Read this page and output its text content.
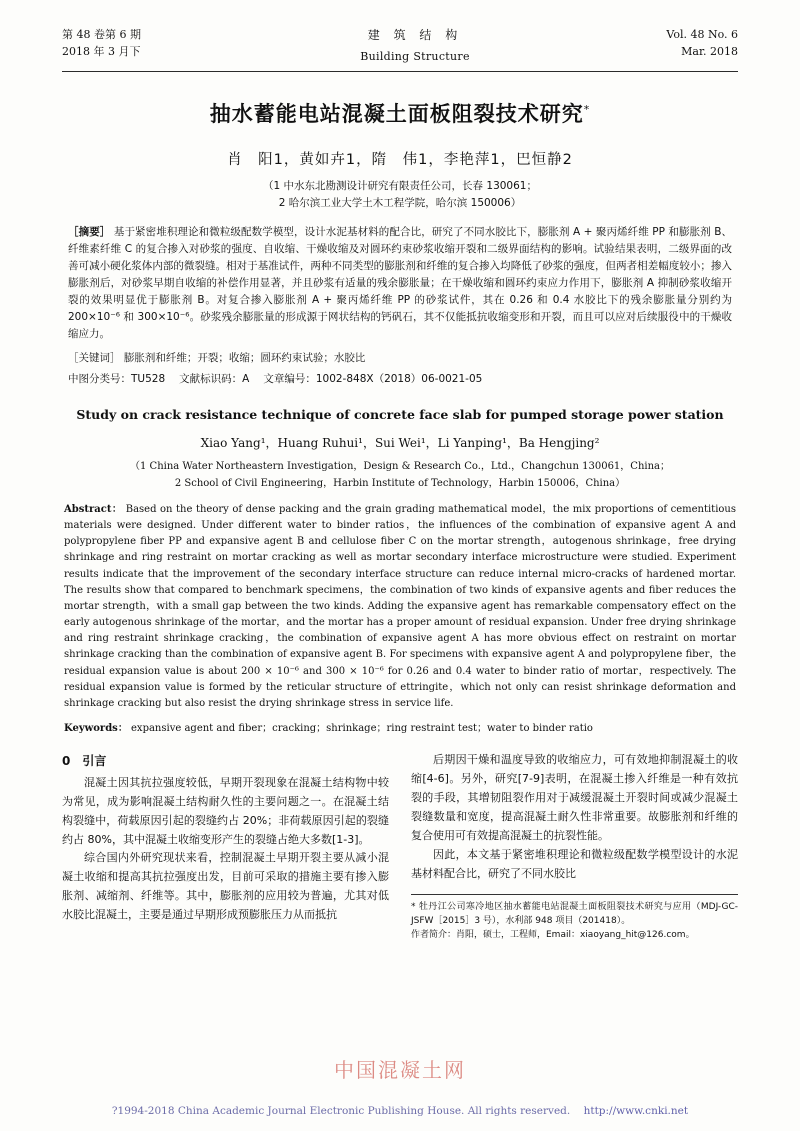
第 48 卷第 6 期
2018 年 3 月下
建 筑 结 构
Building Structure
Vol. 48 No. 6
Mar. 2018
抽水蓄能电站混凝土面板阻裂技术研究*
肖　阳1，黄如卉1，隋　伟1，李艳萍1，巴恒静2
（1 中水东北勘测设计研究有限责任公司，长春 130061；
2 哈尔滨工业大学土木工程学院，哈尔滨 150006）
［摘要］ 基于紧密堆积理论和微粒级配数学模型，设计水泥基材料的配合比，研究了不同水胶比下，膨胀剂 A + 聚丙烯纤维 PP 和膨胀剂 B、纤维素纤维 C 的复合掺入对砂浆的强度、自收缩、干燥收缩及对圆环约束砂浆收缩开裂和二级界面结构的影响。试验结果表明，二级界面的改善可减小硬化浆体内部的微裂缝。相对于基准试件，两种不同类型的膨胀剂和纤维的复合掺入均降低了砂浆的强度，但两者相差幅度较小；掺入膨胀剂后，对砂浆早期自收缩的补偿作用显著，并且砂浆有适量的残余膨胀量；在干燥收缩和圆环约束应力作用下，膨胀剂 A 抑制砂浆收缩开裂的效果明显优于膨胀剂 B。对复合掺入膨胀剂 A + 聚丙烯纤维 PP 的砂浆试件，其在 0.26 和 0.4 水胶比下的残余膨胀量分别约为 200×10⁻⁶ 和 300×10⁻⁶。砂浆残余膨胀量的形成源于网状结构的钙矾石，其不仅能抵抗收缩变形和开裂，而且可以应对后续服役中的干燥收缩应力。
［关键词］ 膨胀剂和纤维；开裂；收缩；圆环约束试验；水胶比
中图分类号：TU528 文献标识码：A 文章编号：1002-848X（2018）06-0021-05
Study on crack resistance technique of concrete face slab for pumped storage power station
Xiao Yang¹，Huang Ruhui¹，Sui Wei¹，Li Yanping¹，Ba Hengjing²
（1 China Water Northeastern Investigation，Design & Research Co.，Ltd.，Changchun 130061，China；
2 School of Civil Engineering，Harbin Institute of Technology，Harbin 150006，China）
Abstract： Based on the theory of dense packing and the grain grading mathematical model，the mix proportions of cementitious materials were designed. Under different water to binder ratios，the influences of the combination of expansive agent A and polypropylene fiber PP and expansive agent B and cellulose fiber C on the mortar strength，autogenous shrinkage，free drying shrinkage and ring restraint on mortar cracking as well as mortar secondary interface microstructure were studied. Experiment results indicate that the improvement of the secondary interface structure can reduce internal micro-cracks of hardened mortar. The results show that compared to benchmark specimens，the combination of two kinds of expansive agents and fiber reduces the mortar strength，with a small gap between the two kinds. Adding the expansive agent has remarkable compensatory effect on the early autogenous shrinkage of the mortar，and the mortar has a proper amount of residual expansion. Under free drying shrinkage and ring restraint shrinkage cracking，the combination of expansive agent A has more obvious effect on restraint on mortar shrinkage cracking than the combination of expansive agent B. For specimens with expansive agent A and polypropylene fiber，the residual expansion value is about 200 × 10⁻⁶ and 300 × 10⁻⁶ for 0.26 and 0.4 water to binder ratio of mortar，respectively. The residual expansion value is formed by the reticular structure of ettringite，which not only can resist shrinkage deformation and shrinkage cracking but also resist the drying shrinkage stress in service life.
Keywords： expansive agent and fiber；cracking；shrinkage；ring restraint test；water to binder ratio
0 引言

混凝土因其抗拉强度较低，早期开裂现象在混凝土结构物中较为常见，成为影响混凝土结构耐久性的主要问题之一。在混凝土结构裂缝中，荷载原因引起的裂缝约占 20%；非荷载原因引起的裂缝约占 80%，其中混凝土收缩变形产生的裂缝占绝大多数[1-3]。

综合国内外研究现状来看，控制混凝土早期开裂主要从减小混凝土收缩和提高其抗拉强度出发，目前可采取的措施主要有掺入膨胀剂、减缩剂、纤维等。其中，膨胀剂的应用较为普遍，尤其对低水胶比混凝土，主要是通过早期形成预膨胀压力从而抵抗

后期因干燥和温度导致的收缩应力，可有效地抑制混凝土的收缩[4-6]。另外，研究[7-9]表明，在混凝土掺入纤维是一种有效抗裂的手段，其增韧阻裂作用对于减缓混凝土开裂时间或减少混凝土裂缝数量和宽度，提高混凝土耐久性非常重要。故膨胀剂和纤维的复合使用可有效提高混凝土的抗裂性能。

因此，本文基于紧密堆积理论和微粒级配数学模型设计的水泥基材料配合比，研究了不同水胶比

* 牡丹江公司寒冷地区抽水蓄能电站混凝土面板阻裂技术研究与应用（MDJ-GC-JSFW［2015］3 号），水利部 948 项目（201418）。
作者简介：肖阳，硕士，工程师，Email：xiaoyang_hit@126.com。
中国混凝土网
?1994-2018 China Academic Journal Electronic Publishing House. All rights reserved. http://www.cnki.net
